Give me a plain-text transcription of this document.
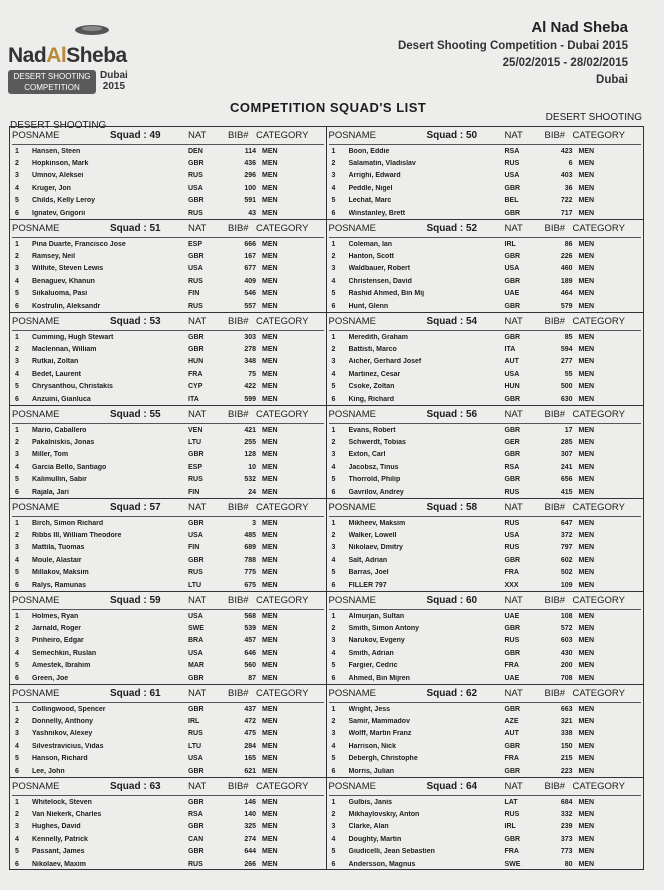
NadAlSheba
DESERT SHOOTING
COMPETITION
Dubai
2015
Al Nad Sheba
Desert Shooting Competition - Dubai 2015
25/02/2015 - 28/02/2015
Dubai
COMPETITION SQUAD'S LIST
DESERT SHOOTING
DESERT SHOOTING
POS NAME	Squad : 49	NAT	BIB# CATEGORY
1	Hansen, Steen	DEN	114 MEN
2	Hopkinson, Mark	GBR	436 MEN
3	Umnov, Aleksei	RUS	296 MEN
4	Kruger, Jon	USA	100 MEN
5	Childs, Kelly Leroy	GBR	591 MEN
6	Ignatev, Grigorii	RUS	43 MEN
POS NAME	Squad : 50	NAT	BIB# CATEGORY
1	Boon, Eddie	RSA	423 MEN
2	Salamatin, Vladislav	RUS	6 MEN
3	Arrighi, Edward	USA	403 MEN
4	Peddle, Nigel	GBR	36 MEN
5	Lechat, Marc	BEL	722 MEN
6	Winstanley, Brett	GBR	717 MEN
POS NAME	Squad : 51	NAT	BIB# CATEGORY
1	Pina Duarte, Francisco Jose	ESP	666 MEN
2	Ramsey, Neil	GBR	167 MEN
3	Wilhite, Steven Lewis	USA	677 MEN
4	Benaguev, Khanun	RUS	409 MEN
5	Siikaluoma, Pasi	FIN	546 MEN
6	Kostrulin, Aleksandr	RUS	557 MEN
POS NAME	Squad : 52	NAT	BIB# CATEGORY
1	Coleman, Ian	IRL	86 MEN
2	Hanton, Scott	GBR	226 MEN
3	Waldbauer, Robert	USA	460 MEN
4	Christensen, David	GBR	189 MEN
5	Rashid Ahmed, Bin Mij	UAE	464 MEN
6	Hunt, Glenn	GBR	579 MEN
POS NAME	Squad : 53	NAT	BIB# CATEGORY
1	Cumming, Hugh Stewart	GBR	303 MEN
2	Maclennan, William	GBR	278 MEN
3	Rutkai, Zoltan	HUN	348 MEN
4	Bedet, Laurent	FRA	75 MEN
5	Chrysanthou, Christakis	CYP	422 MEN
6	Anzuini, Gianluca	ITA	599 MEN
POS NAME	Squad : 54	NAT	BIB# CATEGORY
1	Meredith, Graham	GBR	85 MEN
2	Battisti, Marco	ITA	594 MEN
3	Aicher, Gerhard Josef	AUT	277 MEN
4	Martinez, Cesar	USA	55 MEN
5	Csoke, Zoltan	HUN	500 MEN
6	King, Richard	GBR	630 MEN
POS NAME	Squad : 55	NAT	BIB# CATEGORY
1	Mario, Caballero	VEN	421 MEN
2	Pakalniskis, Jonas	LTU	255 MEN
3	Miller, Tom	GBR	128 MEN
4	Garcia Bello, Santiago	ESP	10 MEN
5	Kalimullin, Sabir	RUS	532 MEN
6	Rajala, Jari	FIN	24 MEN
POS NAME	Squad : 56	NAT	BIB# CATEGORY
1	Evans, Robert	GBR	17 MEN
2	Schwerdt, Tobias	GER	285 MEN
3	Exton, Carl	GBR	307 MEN
4	Jacobsz, Tinus	RSA	241 MEN
5	Thorrold, Philip	GBR	656 MEN
6	Gavrilov, Andrey	RUS	415 MEN
POS NAME	Squad : 57	NAT	BIB# CATEGORY
1	Birch, Simon Richard	GBR	3 MEN
2	Ribbs III, William Theodore	USA	485 MEN
3	Mattila, Tuomas	FIN	689 MEN
4	Moule, Alastair	GBR	788 MEN
5	Millakov, Maksim	RUS	775 MEN
6	Ralys, Ramunas	LTU	675 MEN
POS NAME	Squad : 58	NAT	BIB# CATEGORY
1	Mikheev, Maksim	RUS	647 MEN
2	Walker, Lowell	USA	372 MEN
3	Nikolaev, Dmitry	RUS	797 MEN
4	Salt, Adrian	GBR	602 MEN
5	Barras, Joel	FRA	502 MEN
6	FILLER 797	XXX	109 MEN
POS NAME	Squad : 59	NAT	BIB# CATEGORY
1	Holmes, Ryan	USA	568 MEN
2	Jarnald, Roger	SWE	539 MEN
3	Pinheiro, Edgar	BRA	457 MEN
4	Semechkin, Ruslan	USA	646 MEN
5	Amestek, Ibrahim	MAR	560 MEN
6	Green, Joe	GBR	87 MEN
POS NAME	Squad : 60	NAT	BIB# CATEGORY
1	Almurjan, Sultan	UAE	108 MEN
2	Smith, Simon Antony	GBR	572 MEN
3	Narukov, Evgeny	RUS	603 MEN
4	Smith, Adrian	GBR	430 MEN
5	Fargier, Cedric	FRA	200 MEN
6	Ahmed, Bin Mijren	UAE	708 MEN
POS NAME	Squad : 61	NAT	BIB# CATEGORY
1	Collingwood, Spencer	GBR	437 MEN
2	Donnelly, Anthony	IRL	472 MEN
3	Yashnikov, Alexey	RUS	475 MEN
4	Silvestravicius, Vidas	LTU	284 MEN
5	Hanson, Richard	USA	165 MEN
6	Lee, John	GBR	621 MEN
POS NAME	Squad : 62	NAT	BIB# CATEGORY
1	Wright, Jess	GBR	663 MEN
2	Samir, Mammadov	AZE	321 MEN
3	Wolff, Martin Franz	AUT	338 MEN
4	Harrison, Nick	GBR	150 MEN
5	Debergh, Christophe	FRA	215 MEN
6	Morris, Julian	GBR	223 MEN
POS NAME	Squad : 63	NAT	BIB# CATEGORY
1	Whitelock, Steven	GBR	146 MEN
2	Van Niekerk, Charles	RSA	140 MEN
3	Hughes, David	GBR	325 MEN
4	Kennelly, Patrick	CAN	274 MEN
5	Passant, James	GBR	644 MEN
6	Nikolaev, Maxim	RUS	266 MEN
POS NAME	Squad : 64	NAT	BIB# CATEGORY
1	Gulbis, Janis	LAT	684 MEN
2	Mikhaylovskiy, Anton	RUS	332 MEN
3	Clarke, Alan	IRL	239 MEN
4	Doughty, Martin	GBR	373 MEN
5	Giudicelli, Jean Sebastien	FRA	773 MEN
6	Andersson, Magnus	SWE	80 MEN
